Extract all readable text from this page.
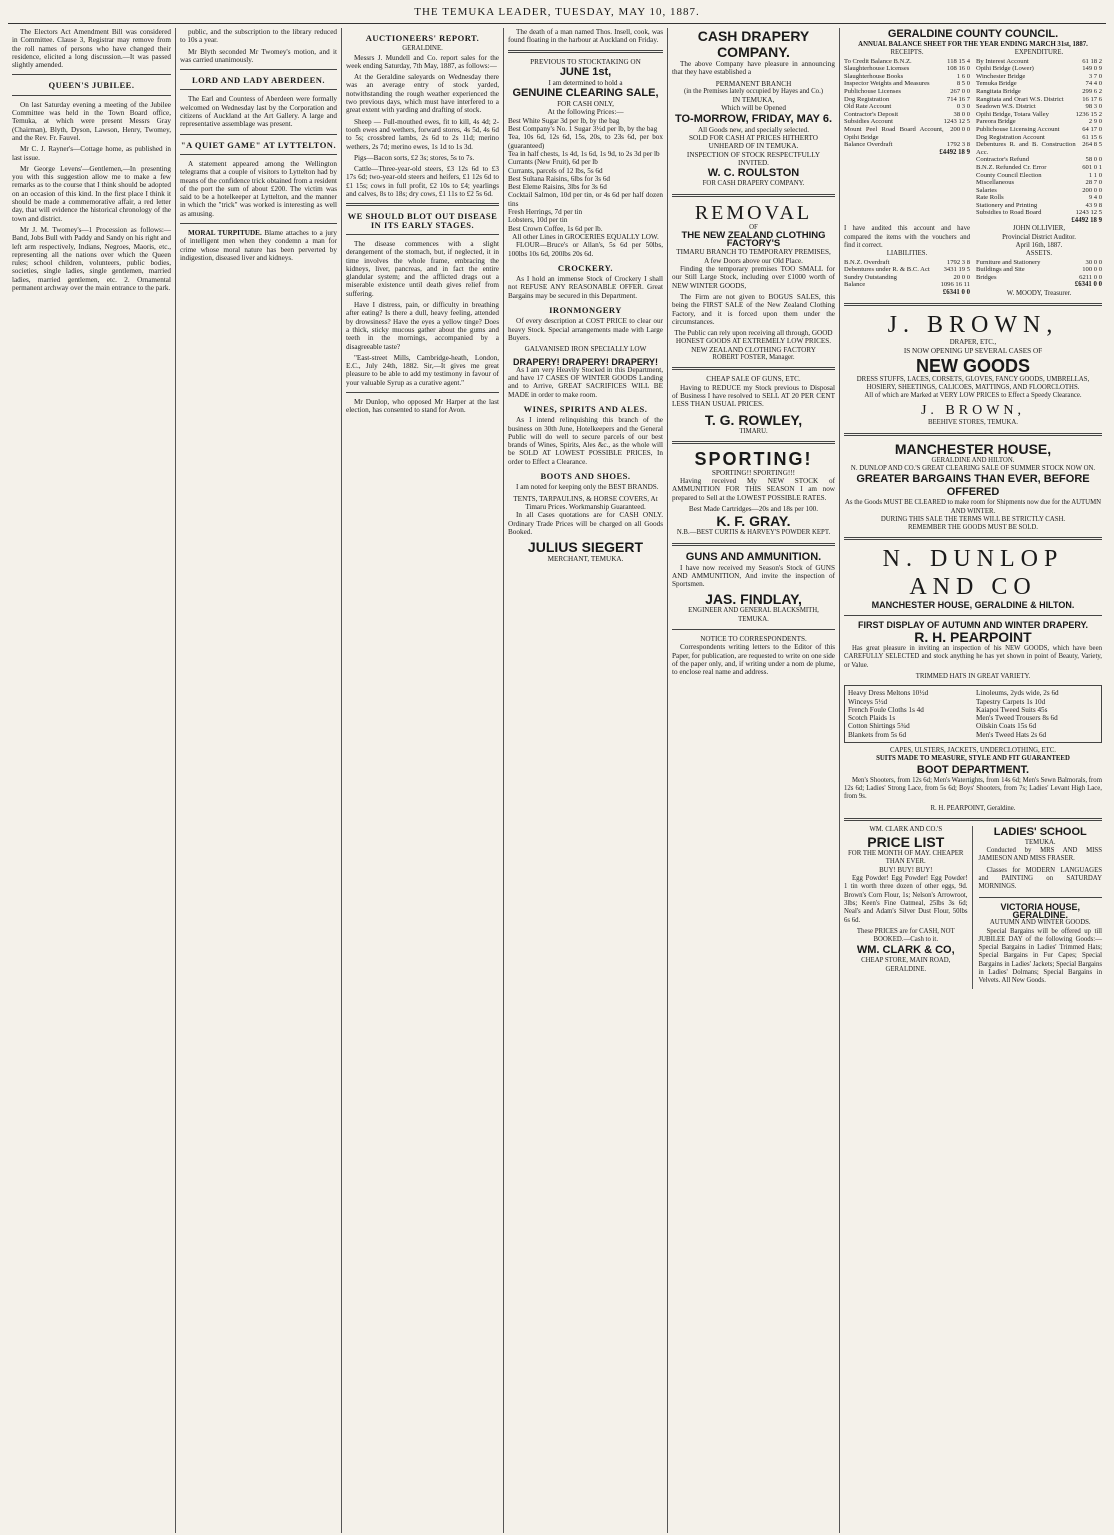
THE TEMUKA LEADER, TUESDAY, MAY 10, 1887.

The Electors Act Amendment Bill was considered in Committee. Clause 3, Registrar may remove from the roll names of persons who have changed their residence, elicited a long discussion.—It was passed slightly amended.

QUEEN'S JUBILEE.

On last Saturday evening a meeting of the Jubilee Committee was held in the Town Board office, Temuka, at which were present Messrs Gray (Chairman), Blyth, Dyson, Lawson, Henry, Twomey, and the Rev. Fr. Fauvel.

Mr C. J. Rayner's—Cottage home, as published in last issue.

Mr George Levens'—Gentlemen,—In presenting you with this suggestion allow me to make a few remarks as to the course that I think should be adopted on an occasion of this kind. In the first place I think it should be made a commemorative affair, a red letter day, that will evidence the historical chronology of the town and district.

Mr J. M. Twomey's—1 Procession as follows:—Band, Jobs Bull with Paddy and Sandy on his right and left arm respectively, Indians, Negroes, Maoris, etc., representing all the nations over which the Queen rules; school children, volunteers, public bodies, societies, single ladies, single gentlemen, married ladies, married gentlemen, etc. 2. Ornamental permanent archway over the main entrance to the park.

public, and the subscription to the library reduced to 10s a year.

Mr Blyth seconded Mr Twomey's motion, and it was carried unanimously.

LORD AND LADY ABERDEEN.

The Earl and Countess of Aberdeen were formally welcomed on Wednesday last by the Corporation and citizens of Auckland at the Art Gallery. A large and representative assemblage was present.

"A QUIET GAME" AT LYTTELTON.

A statement appeared among the Wellington telegrams that a couple of visitors to Lyttelton had by means of the confidence trick obtained from a resident of the port the sum of about £200. The victim was said to be a hotelkeeper at Lyttelton, and the manner in which the "trick" was worked is interesting as well as amusing.

MORAL TURPITUDE. Blame attaches to a jury of intelligent men when they condemn a man for crime whose moral nature has been perverted by indigestion, diseased liver and kidneys.

AUCTIONEERS' REPORT.
GERALDINE.

Messrs J. Mundell and Co. report sales for the week ending Saturday, 7th May, 1887, as follows:—

At the Geraldine saleyards on Wednesday there was an average entry of stock yarded, notwithstanding the rough weather experienced the two previous days, which must have interfered to a great extent with yarding and drafting of stock.

Sheep — Full-mouthed ewes, fit to kill, 4s 4d; 2-tooth ewes and wethers, forward stores, 4s 5d, 4s 6d to 5s; crossbred lambs, 2s 6d to 2s 11d; merino wethers, 2s 7d; merino ewes, 1s 1d to 1s 3d.

Pigs—Bacon sorts, £2 3s; stores, 5s to 7s.

Cattle—Three-year-old steers, £3 12s 6d to £3 17s 6d; two-year-old steers and heifers, £1 12s 6d to £1 15s; cows in full profit, £2 10s to £4; yearlings and calves, 8s to 18s; dry cows, £1 11s to £2 5s 6d.

WE SHOULD BLOT OUT DISEASE IN ITS EARLY STAGES.

The disease commences with a slight derangement of the stomach, but, if neglected, it in time involves the whole frame, embracing the kidneys, liver, pancreas, and in fact the entire glandular system; and the afflicted drags out a miserable existence until death gives relief from suffering.

Have I distress, pain, or difficulty in breathing after eating? Is there a dull, heavy feeling, attended by drowsiness? Have the eyes a yellow tinge? Does a thick, sticky mucous gather about the gums and teeth in the mornings, accompanied by a disagreeable taste?

"East-street Mills, Cambridge-heath, London, E.C., July 24th, 1882. Sir,—It gives me great pleasure to be able to add my testimony in favour of your valuable Syrup as a curative agent."

Mr Dunlop, who opposed Mr Harper at the last election, has consented to stand for Avon.

The death of a man named Thos. Insell, cook, was found floating in the harbour at Auckland on Friday.

PREVIOUS TO STOCKTAKING ON
JUNE 1st,
I am determined to hold a
GENUINE CLEARING SALE,
FOR CASH ONLY,
At the following Prices:—
Best White Sugar 3d per lb, by the bag
Best Company's No. 1 Sugar 3½d per lb, by the bag
Tea, 10s 6d, 12s 6d, 15s, 20s, to 23s 6d, per box (guaranteed)
Tea in half chests, 1s 4d, 1s 6d, 1s 9d, to 2s 3d per lb
Currants (New Fruit), 6d per lb
Currants, parcels of 12 lbs, 5s 6d
Best Sultana Raisins, 6lbs for 3s 6d
Best Eleme Raisins, 3lbs for 3s 6d
Cocktail Salmon, 10d per tin, or 4s 6d per half dozen tins
Fresh Herrings, 7d per tin
Lobsters, 10d per tin
Best Crown Coffee, 1s 6d per lb.
All other Lines in GROCERIES EQUALLY LOW.

FLOUR—Bruce's or Allan's, 5s 6d per 50lbs, 100lbs 10s 6d, 200lbs 20s 6d.

CROCKERY.

As I hold an immense Stock of Crockery I shall not REFUSE ANY REASONABLE OFFER. Great Bargains may be secured in this Department.

IRONMONGERY

Of every description at COST PRICE to clear our heavy Stock. Special arrangements made with Large Buyers.

GALVANISED IRON SPECIALLY LOW
DRAPERY! DRAPERY! DRAPERY!

As I am very Heavily Stocked in this Department, and have 17 CASES OF WINTER GOODS Landing and to Arrive, GREAT SACRIFICES WILL BE MADE in order to make room.

WINES, SPIRITS AND ALES.

As I intend relinquishing this branch of the business on 30th June, Hotelkeepers and the General Public will do well to secure parcels of our best brands of Wines, Spirits, Ales &c., as the whole will be SOLD AT LOWEST POSSIBLE PRICES, In order to Effect a Clearance.

BOOTS AND SHOES.

I am noted for keeping only the BEST BRANDS.

TENTS, TARPAULINS, & HORSE COVERS, At Timaru Prices. Workmanship Guaranteed.

In all Cases quotations are for CASH ONLY. Ordinary Trade Prices will be charged on all Goods Booked.

JULIUS SIEGERT
MERCHANT, TEMUKA.
CASH DRAPERY COMPANY.

The above Company have pleasure in announcing that they have established a

PERMANENT BRANCH
(in the Premises lately occupied by Hayes and Co.)
IN TEMUKA,
Which will be Opened
TO-MORROW, FRIDAY, MAY 6.
All Goods new, and specially selected.
SOLD FOR CASH AT PRICES HITHERTO UNHEARD OF IN TEMUKA.
INSPECTION OF STOCK RESPECTFULLY INVITED.
W. C. ROULSTON
FOR CASH DRAPERY COMPANY.
REMOVAL
OF
THE NEW ZEALAND CLOTHING FACTORY'S
TIMARU BRANCH TO TEMPORARY PREMISES,
A few Doors above our Old Place.

Finding the temporary premises TOO SMALL for our Still Large Stock, including over £1000 worth of NEW WINTER GOODS,

The Firm are not given to BOGUS SALES, this being the FIRST SALE of the New Zealand Clothing Factory, and it is forced upon them under the circumstances.

The Public can rely upon receiving all through, GOOD HONEST GOODS AT EXTREMELY LOW PRICES.
NEW ZEALAND CLOTHING FACTORY
ROBERT FOSTER, Manager.
CHEAP SALE OF GUNS, ETC.

Having to REDUCE my Stock previous to Disposal of Business I have resolved to SELL AT 20 PER CENT LESS THAN USUAL PRICES.

T. G. ROWLEY,
TIMARU.
SPORTING!
SPORTING!! SPORTING!!!

Having received My NEW STOCK of AMMUNITION FOR THIS SEASON I am now prepared to Sell at the LOWEST POSSIBLE RATES.

Best Made Cartridges—20s and 18s per 100.
K. F. GRAY.
N.B.—BEST CURTIS & HARVEY'S POWDER KEPT.
GUNS AND AMMUNITION.

I have now received my Season's Stock of GUNS AND AMMUNITION, And invite the inspection of Sportsmen.

JAS. FINDLAY,
ENGINEER AND GENERAL BLACKSMITH, TEMUKA.
NOTICE TO CORRESPONDENTS.

Correspondents writing letters to the Editor of this Paper, for publication, are requested to write on one side of the paper only, and, if writing under a nom de plume, to enclose real name and address.

GERALDINE COUNTY COUNCIL.
ANNUAL BALANCE SHEET FOR THE YEAR ENDING MARCH 31st, 1887.
RECEIPTS.
To Credit Balance B.N.Z.	118 15 4
Slaughterhouse Licenses	108 16 0
Slaughterhouse Books	1 6 0
Inspector Weights and Measures	8 5 0
Publichouse Licenses	267 0 0
Dog Registration	714 16 7
Old Rate Account	0 3 0
Contractor's Deposit	38 0 0
Subsidies Account	1243 12 5
Mount Peel Road Board Account, Opihi Bridge	200 0 0
Balance Overdraft	1792 3 8
£4492 18 9
EXPENDITURE.
By Interest Account	61 18 2
Opihi Bridge (Lower)	149 0 9
Winchester Bridge	3 7 0
Temuka Bridge	74 4 0
Rangitata Bridge	299 6 2
Rangitata and Orari W.S. District	16 17 6
Seadown W.S. District	98 3 0
Opihi Bridge, Totara Valley	1236 15 2
Pareora Bridge	2 9 0
Publichouse Licensing Account	64 17 0
Dog Registration Account	61 15 6
Debentures R. and B. Construction Acc.	264 8 5
Contractor's Refund	58 0 0
B.N.Z. Refunded Cr. Error	601 0 1
County Council Election	1 1 0
Miscellaneous	28 7 0
Salaries	200 0 0
Rate Rolls	9 4 0
Stationery and Printing	43 9 8
Subsidies to Road Board	1243 12 5
£4492 18 9
I have audited this account and have compared the items with the vouchers and find it correct.
JOHN OLLIVIER,
Provincial District Auditor.
April 16th, 1887.
LIABILITIES.
B.N.Z. Overdraft	1792 3 8
Debentures under R. & B.C. Act	3431 19 5
Sundry Outstanding	20 0 0
Balance	1096 16 11
£6341 0 0
ASSETS.
Furniture and Stationery	30 0 0
Buildings and Site	100 0 0
Bridges	6211 0 0
£6341 0 0
W. MOODY, Treasurer.
J. BROWN,
DRAPER, ETC.,
IS NOW OPENING UP SEVERAL CASES OF
NEW GOODS
DRESS STUFFS, LACES, CORSETS, GLOVES, FANCY GOODS, UMBRELLAS, HOSIERY, SHEETINGS, CALICOES, MATTINGS, AND FLOORCLOTHS.
All of which are Marked at VERY LOW PRICES to Effect a Speedy Clearance.
J. BROWN,
BEEHIVE STORES, TEMUKA.
MANCHESTER HOUSE,
GERALDINE AND HILTON.
N. DUNLOP AND CO.'S GREAT CLEARING SALE OF SUMMER STOCK NOW ON.
GREATER BARGAINS THAN EVER, BEFORE OFFERED
As the Goods MUST BE CLEARED to make room for Shipments now due for the AUTUMN AND WINTER.
DURING THIS SALE THE TERMS WILL BE STRICTLY CASH.
REMEMBER THE GOODS MUST BE SOLD.
N. DUNLOP AND CO
MANCHESTER HOUSE, GERALDINE & HILTON.
FIRST DISPLAY OF AUTUMN AND WINTER DRAPERY.
R. H. PEARPOINT

Has great pleasure in inviting an inspection of his NEW GOODS, which have been CAREFULLY SELECTED and stock anything he has yet shown in point of Beauty, Variety, or Value.

TRIMMED HATS IN GREAT VARIETY.
Heavy Dress Meltons 10½d
Winceys 5½d
French Foule Cloths 1s 4d
Scotch Plaids 1s
Cotton Shirtings 5¾d
Blankets from 5s 6d
Linoleums, 2yds wide, 2s 6d
Tapestry Carpets 1s 10d
Kaiapoi Tweed Suits 45s
Men's Tweed Trousers 8s 6d
Oilskin Coats 15s 6d
Men's Tweed Hats 2s 6d
CAPES, ULSTERS, JACKETS, UNDERCLOTHING, ETC.
SUITS MADE TO MEASURE, STYLE AND FIT GUARANTEED
BOOT DEPARTMENT.

Men's Shooters, from 12s 6d; Men's Watertights, from 14s 6d; Men's Sewn Balmorals, from 12s 6d; Ladies' Strong Lace, from 5s 6d; Boys' Shooters, from 7s; Ladies' Levant High Lace, from 9s.

R. H. PEARPOINT, Geraldine.
WM. CLARK AND CO.'S
PRICE LIST
FOR THE MONTH OF MAY. CHEAPER THAN EVER.
BUY! BUY! BUY!

Egg Powder! Egg Powder! Egg Powder! 1 tin worth three dozen of other eggs, 9d. Brown's Corn Flour, 1s; Nelson's Arrowroot, 3lbs; Keen's Fine Oatmeal, 25lbs 3s 6d; Neal's and Adam's Silver Dust Flour, 50lbs 6s 6d.

These PRICES are for CASH, NOT BOOKED.—Cash to it.
WM. CLARK & CO,
CHEAP STORE, MAIN ROAD, GERALDINE.
LADIES' SCHOOL
TEMUKA.

Conducted by MRS AND MISS JAMIESON AND MISS FRASER.

Classes for MODERN LANGUAGES and PAINTING on SATURDAY MORNINGS.

VICTORIA HOUSE, GERALDINE.
AUTUMN AND WINTER GOODS.

Special Bargains will be offered up till JUBILEE DAY of the following Goods:—Special Bargains in Ladies' Trimmed Hats; Special Bargains in Fur Capes; Special Bargains in Ladies' Jackets; Special Bargains in Ladies' Dolmans; Special Bargains in Velvets. All New Goods.
